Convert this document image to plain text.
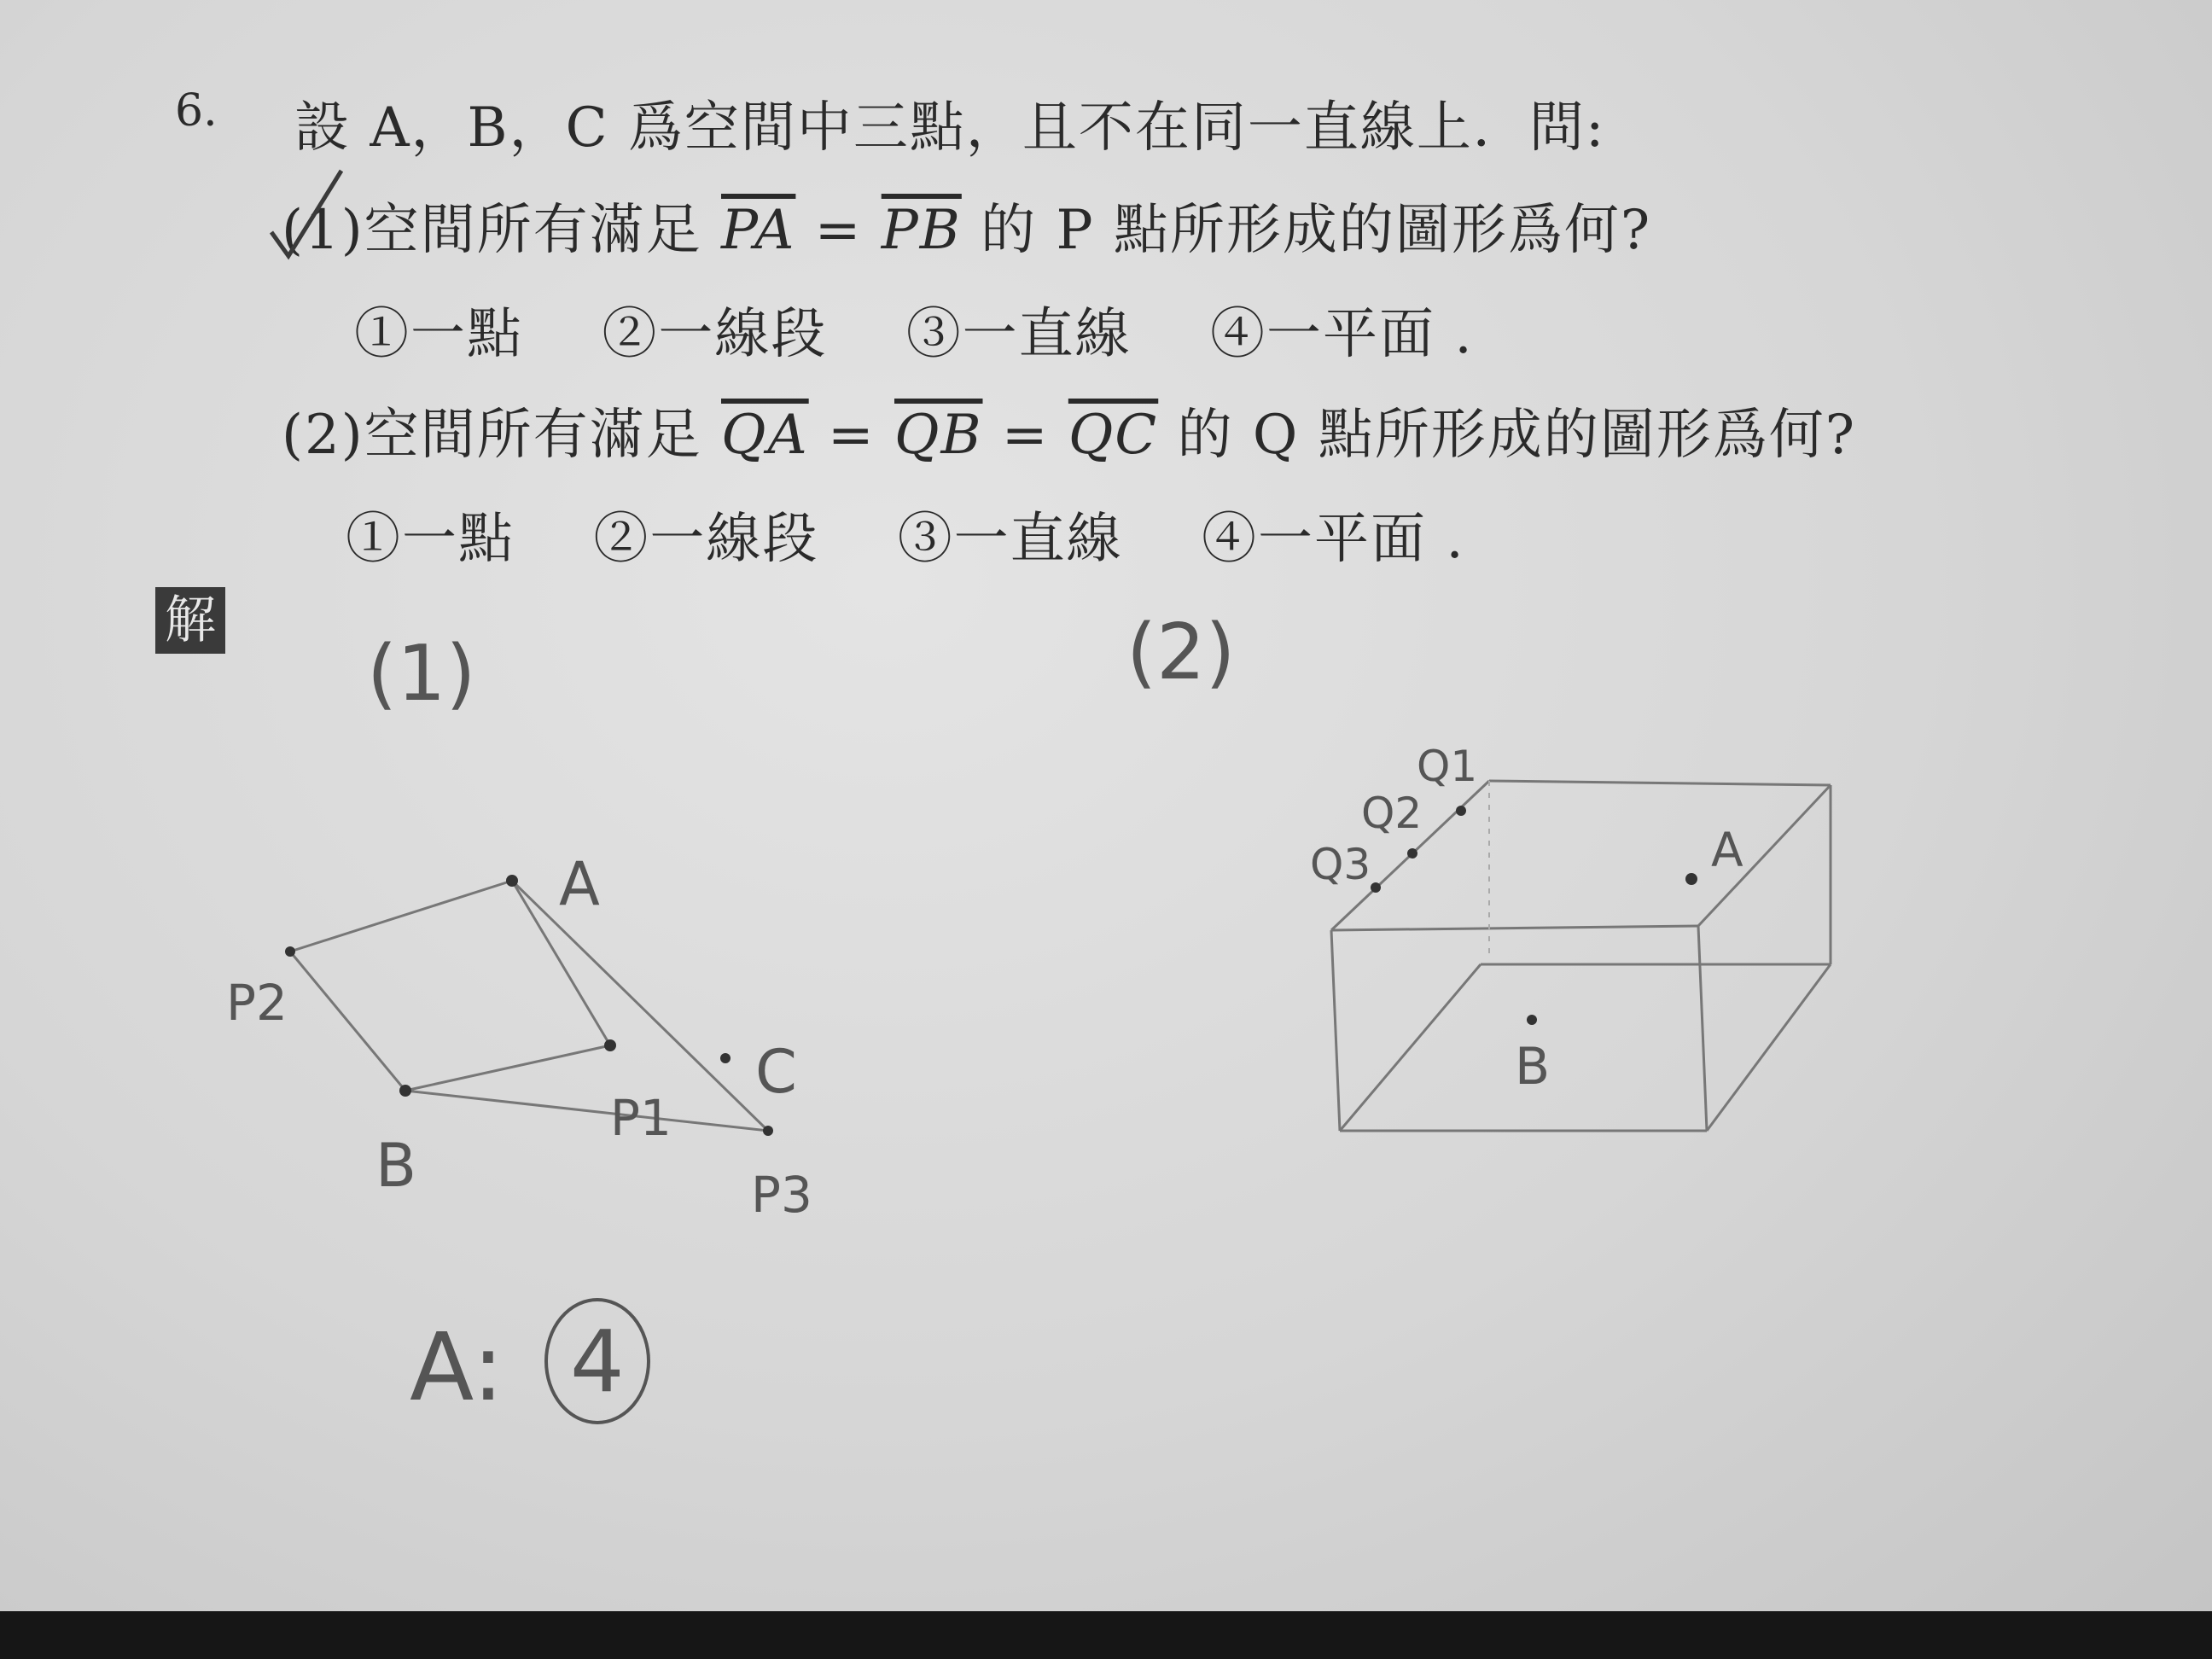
6. 設 A，B，C 爲空間中三點，且不在同一直線上．問:
(1)空間所有滿足 $\overline{PA} = \overline{PB}$ 的 P 點所形成的圖形爲何?
①一點 ②一線段 ③一直線 ④一平面 .
(2)空間所有滿足 $\overline{QA} = \overline{QB} = \overline{QC}$ 的 Q 點所形成的圖形爲何?
①一點 ②一線段 ③一直線 ④一平面 .
解
(1)	(2)
A
B
C
P1
P2
P3
A: 4
Q1
Q2
Q3	A
B
